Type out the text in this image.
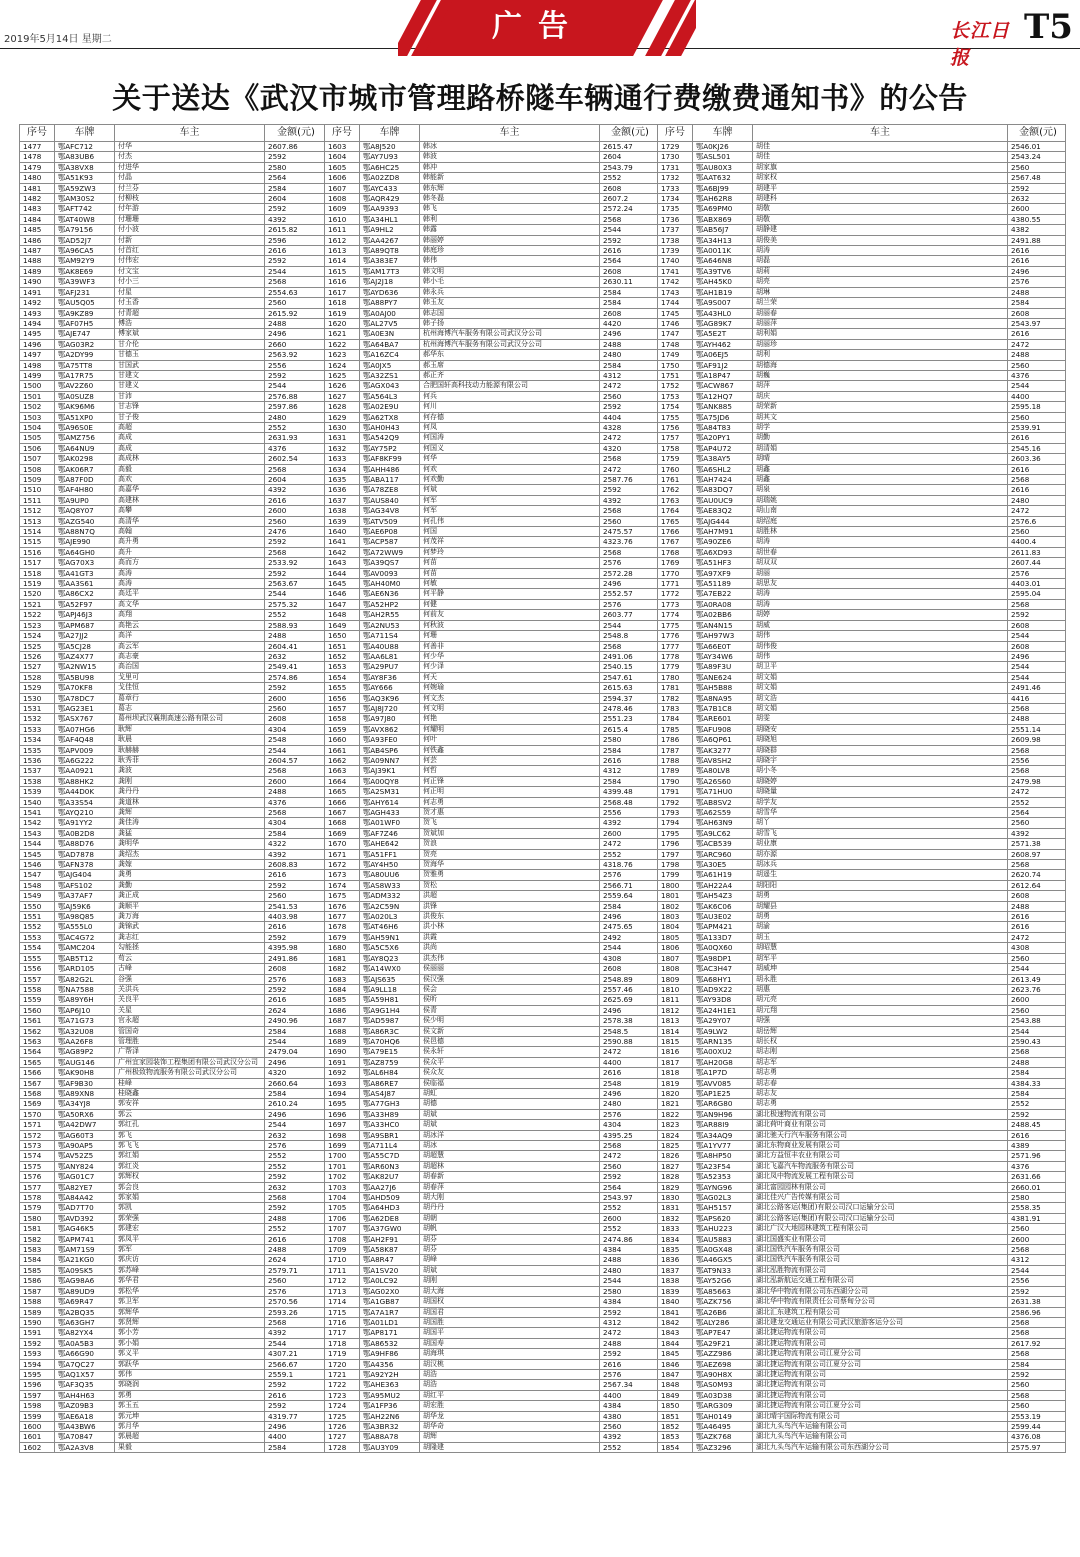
2019年5月14日 星期二	广告	长江日报
T5
关于送达《武汉市城市管理路桥隧车辆通行费缴费通知书》的公告
序号	车牌	车主	金额(元)	序号	车牌	车主	金额(元)	序号	车牌	车主	金额(元)
1477	鄂AFC712	付华	2607.86	1603	鄂A8J520	韩冰	2615.47	1729	鄂A0KJ26	胡佳	2546.01
1478	鄂A83UB6	付杰	2592	1604	鄂AY7U93	韩波	2604	1730	鄂ASL501	胡佳	2543.24
1479	鄂A38VX8	付进华	2580	1605	鄂A6HC25	韩冲	2543.79	1731	鄂AU80X3	胡家旗	2560
1480	鄂A51K93	付晶	2564	1606	鄂A02ZD8	韩能新	2552	1732	鄂AAT632	胡家权	2567.48
1481	鄂A59ZW3	付兰芬	2584	1607	鄂AYC433	韩东辉	2608	1733	鄂A6BJ99	胡建平	2592
1482	鄂AM30S2	付柳枝	2604	1608	鄂AQR429	韩冬磊	2607.2	1734	鄂AH62R8	胡建科	2632
1483	鄂AFT742	付年游	2592	1609	鄂AA9393	韩飞	2572.24	1735	鄂A69PM0	胡敬	2600
1484	鄂AT40W8	付珊珊	4392	1610	鄂A34HL1	韩利	2568	1736	鄂ABX869	胡敬	4380.55
1485	鄂A79156	付小波	2615.82	1611	鄂A9HL2	韩露	2544	1737	鄂AB56J7	胡静建	4382
1486	鄂AD52J7	付新	2596	1612	鄂AA4267	韩丽婷	2592	1738	鄂A34H13	胡俊美	2491.88
1487	鄂A96CA5	付首红	2616	1613	鄂A89QT8	韩庭珍	2616	1739	鄂A0011K	胡涛	2616
1488	鄂AM92Y9	付伟宏	2592	1614	鄂A383E7	韩伟	2564	1740	鄂A646N8	胡磊	2616
1489	鄂AK8E69	付文宝	2544	1615	鄂AM17T3	韩文明	2608	1741	鄂A39TV6	胡莉	2496
1490	鄂A39WF3	付小三	2568	1616	鄂AJ2J18	韩小毛	2630.11	1742	鄂AH45K0	胡亮	2576
1491	鄂AFJ231	付星	2554.63	1617	鄂AYD636	韩永兵	2584	1743	鄂AH1B19	胡琳	2488
1492	鄂AU5Q05	付玉香	2560	1618	鄂A88PY7	韩玉友	2584	1744	鄂A9S007	胡兰荣	2584
1493	鄂A9KZ89	付青超	2615.92	1619	鄂A0AJ00	韩志国	2608	1745	鄂A43HL0	胡丽春	2608
1494	鄂AF07H5	傅浩	2488	1620	鄂AL27V5	韩子扬	4420	1746	鄂AG89K7	胡丽萍	2543.97
1495	鄂AJE747	傅家斌	2496	1621	鄂A0E3N	杭州海博汽车服务有限公司武汉分公司	2496	1747	鄂A5E2T	胡利娟	2616
1496	鄂AG03R2	甘介伦	2660	1622	鄂A64BA7	杭州海博汽车服务有限公司武汉分公司	2488	1748	鄂AYH462	胡丽珍	2472
1497	鄂A2DY99	甘德玉	2563.92	1623	鄂A16ZC4	郝华东	2480	1749	鄂A06EJ5	胡利	2488
1498	鄂A75TT8	甘国武	2556	1624	鄂A0JX5	郝玉席	2584	1750	鄂AF91J2	胡德海	2560
1499	鄂A17R75	甘建文	2592	1625	鄂A32ZS1	郝正齐	4312	1751	鄂A18P47	胡巍	4376
1500	鄂AV2Z60	甘建义	2544	1626	鄂AGX043	合肥国轩高科技动力能源有限公司	2472	1752	鄂ACW867	胡萍	2544
1501	鄂A0SUZ8	甘沛	2576.88	1627	鄂A564L3	何兵	2560	1753	鄂A12HQ7	胡庆	4400
1502	鄂AK96M6	甘志锋	2597.86	1628	鄂A02E9U	何川	2592	1754	鄂ANK885	胡荣新	2595.18
1503	鄂A51XP0	甘子俊	2480	1629	鄂A62TX8	何存德	4404	1755	鄂A75JD6	胡其文	2560
1504	鄂A96S0E	高超	2552	1630	鄂AH0H43	何凤	4328	1756	鄂A84T83	胡学	2539.91
1505	鄂AMZ756	高成	2631.93	1631	鄂A542Q9	何国涛	2472	1757	鄂A20PY1	胡勤	2616
1506	鄂A64NU9	高成	4376	1632	鄂AY75P2	何国义	4320	1758	鄂AP4U72	胡清娟	2545.16
1507	鄂AK0298	高成林	2602.54	1633	鄂AF8KF99	何华	2568	1759	鄂A38AY5	胡晴	2603.36
1508	鄂AK06R7	高毅	2568	1634	鄂AHH486	何欢	2472	1760	鄂A6SHL2	胡鑫	2616
1509	鄂A87F0D	高欢	2604	1635	鄂ABA117	何欢勤	2587.76	1761	鄂AH7424	胡鑫	2568
1510	鄂AF4H80	高嘉华	4392	1636	鄂A78ZE8	何斌	2592	1762	鄂A83DQ7	胡泉	2616
1511	鄂A9UP0	高建林	2616	1637	鄂AUS840	何军	4392	1763	鄂AU0UC9	胡瑞姚	2480
1512	鄂AQ8Y07	高攀	2600	1638	鄂AG34V8	何军	2568	1764	鄂AE83Q2	胡山南	2472
1513	鄂AZG540	高清华	2560	1639	鄂ATV509	何孔伟	2560	1765	鄂AJG444	胡绍庭	2576.6
1514	鄂A88N7Q	高翰	2476	1640	鄂AE6P08	何国	2475.57	1766	鄂AH7M91	胡胜林	2560
1515	鄂AJE990	高升勇	2592	1641	鄂ACP587	何茂祥	4323.76	1767	鄂A90ZE6	胡涛	4400.4
1516	鄂A64GH0	高升	2568	1642	鄂A72WW9	何梦玲	2568	1768	鄂A6XD93	胡世春	2611.83
1517	鄂AG70X3	高而方	2533.92	1643	鄂A39QS7	何苗	2576	1769	鄂A51HF3	胡双双	2607.44
1518	鄂A41GT3	高涛	2592	1644	鄂AV0093	何苗	2572.28	1770	鄂A97XF9	胡丽	2576
1519	鄂AA3S61	高涛	2563.67	1645	鄂AH40M0	何敏	2496	1771	鄂A51189	胡思友	4403.01
1520	鄂A86CX2	高廷平	2544	1646	鄂AE6N36	何平静	2552.57	1772	鄂A7EB22	胡涛	2595.04
1521	鄂A52F97	高文华	2575.32	1647	鄂A52HP2	何健	2576	1773	鄂A0RA08	胡涛	2568
1522	鄂APJ46J3	高翔	2552	1648	鄂AH2R55	何前友	2603.77	1774	鄂A02BB6	胡婷	2592
1523	鄂APM687	高艳云	2588.93	1649	鄂A2NU53	何秋波	2544	1775	鄂AN4N15	胡威	2608
1524	鄂A27JJ2	高洋	2488	1650	鄂A711S4	何珊	2548.8	1776	鄂AH97W3	胡伟	2544
1525	鄂A5CJ28	高云军	2604.41	1651	鄂A40U88	何善非	2568	1777	鄂A66E0T	胡伟俊	2608
1526	鄂AZ4X77	高志豪	2632	1652	鄂AA6L81	何少华	2491.06	1778	鄂AY34W6	胡伟	2496
1527	鄂A2NW15	高治国	2549.41	1653	鄂A29PU7	何少泽	2540.15	1779	鄂A89F3U	胡卫平	2544
1528	鄂A5BU98	戈里可	2574.86	1654	鄂AY8F36	何天	2547.61	1780	鄂ANE624	胡文娟	2544
1529	鄂A70KF8	戈佳恒	2592	1655	鄂AY666	何婉瑜	2615.63	1781	鄂AH5B88	胡文娟	2491.46
1530	鄂A78DC7	葛章行	2600	1656	鄂AQ3K96	何文杰	2594.37	1782	鄂A8NA95	胡文浩	4416
1531	鄂AG23E1	葛志	2560	1657	鄂AJ8J720	何文明	2478.46	1783	鄂A7B1C8	胡文娟	2568
1532	鄂ASX767	葛州坝武汉襄荆高速公路有限公司	2608	1658	鄂A97J80	何艳	2551.23	1784	鄂ARE601	胡雯	2488
1533	鄂A07HG6	耿辉	4304	1659	鄂AVX862	何耀明	2615.4	1785	鄂AFU908	胡晓安	2551.14
1534	鄂AF4Q48	耿晨	2548	1660	鄂A93FE0	何叶	2580	1786	鄂A6QP61	胡晓旭	2609.98
1535	鄂APV009	耿赫赫	2544	1661	鄂AB4SP6	何铁鑫	2584	1787	鄂AK3277	胡晓群	2568
1536	鄂A6G222	耿秀菲	2604.57	1662	鄂A09NN7	何芸	2616	1788	鄂AV8SH2	胡晓宇	2556
1537	鄂AA0921	龚波	2568	1663	鄂AJ39K1	何哲	4312	1789	鄂A80LV8	胡小冬	2568
1538	鄂A88HK2	龚刚	2600	1664	鄂A00QY8	何正锋	2584	1790	鄂A26S60	胡晓婷	2479.98
1539	鄂A44D0K	龚丹丹	2488	1665	鄂A2SM31	何正明	4399.48	1791	鄂A71HU0	胡晓量	2472
1540	鄂A33S54	龚道林	4376	1666	鄂AHY614	何志勇	2568.48	1792	鄂AB8SV2	胡学友	2552
1541	鄂AYQ210	龚辉	2568	1667	鄂AGH433	贺才惠	2556	1793	鄂A62S59	胡雪华	2564
1542	鄂A91YY2	龚佳涛	4304	1668	鄂A01WF0	贺飞	4392	1794	鄂AH63N9	胡丫	2560
1543	鄂A0B2D8	龚猛	2584	1669	鄂AF7Z46	贺斌加	2600	1795	鄂A9LC62	胡雪飞	4392
1544	鄂A88D76	龚明华	4322	1670	鄂AHE642	贺浪	2472	1796	鄂ACB539	胡业康	2571.38
1545	鄂AD7878	龚绍杰	4392	1671	鄂A51FF1	贺亮	2552	1797	鄂ARC960	胡亦源	2608.97
1546	鄂AFN378	龚嫁	2608.83	1672	鄂AY4H50	贺海华	4318.76	1798	鄂A30E5	胡冰兵	2568
1547	鄂AJG404	龚勇	2616	1673	鄂A80UU6	贺雅勇	2576	1799	鄂A61H19	胡遥生	2620.74
1548	鄂AFS102	龚勤	2592	1674	鄂AS8W33	贺松	2566.71	1800	鄂AH22A4	胡阳阳	2612.64
1549	鄂A37AF7	龚正成	2560	1675	鄂ADM332	洪超	2559.64	1801	鄂AH54Z3	胡勇	2608
1550	鄂AJ59K6	龚顺平	2541.53	1676	鄂A2C59N	洪锋	2584	1802	鄂AK6C06	胡耀县	2488
1551	鄂A98Q85	龚万海	4403.98	1677	鄂A020L3	洪俊东	2496	1803	鄂AU3E02	胡勇	2616
1552	鄂A555L0	龚锦武	2616	1678	鄂AT46H6	洪小林	2475.65	1804	鄂APM421	胡渝	2616
1553	鄂AC4G72	龚志红	2592	1679	鄂AH59N1	洪霞	2492	1805	鄂A133D7	胡玉	2472
1554	鄂AMC204	勾能拯	4395.98	1680	鄂A5C5X6	洪尚	2544	1806	鄂A0QX60	胡昭慧	4308
1555	鄂AB5T12	苟云	2491.86	1681	鄂AY8Q23	洪杰伟	4308	1807	鄂A98DP1	胡军平	2560
1556	鄂ARD105	古峰	2608	1682	鄂A14WX0	侯丽丽	2608	1808	鄂AC3H47	胡威坤	2544
1557	鄂A82G2L	谷强	2576	1683	鄂AJS635	侯汉强	2548.89	1809	鄂A68HY1	胡永胜	2613.49
1558	鄂NA7588	关洪兵	2592	1684	鄂A9LL18	侯会	2557.46	1810	鄂AD9X22	胡惠	2623.76
1559	鄂A89Y6H	关良平	2616	1685	鄂A59H81	侯昕	2625.69	1811	鄂AY93D8	胡元亮	2600
1560	鄂AP6J10	关星	2624	1686	鄂A9G1H4	侯青	2496	1812	鄂A24H1E1	胡元翔	2560
1561	鄂A71G73	官永超	2490.96	1687	鄂AD5987	侯少明	2578.38	1813	鄂A29Y07	胡强	2543.88
1562	鄂A32U08	管国奇	2584	1688	鄂A86R3C	侯文新	2548.5	1814	鄂A9LW2	胡岳辉	2544
1563	鄂AA26F8	管理胜	2544	1689	鄂A70HQ6	侯邑德	2590.88	1815	鄂ARN135	胡长权	2590.43
1564	鄂AG89P2	广帮泽	2479.04	1690	鄂A79E15	侯永轩	2472	1816	鄂A00XU2	胡志刚	2568
1565	鄂AUG146	广州宜家园装饰工程集团有限公司武汉分公司	2496	1691	鄂AZ8759	侯众平	4400	1817	鄂AH20G8	胡志军	2488
1566	鄂AK90H8	广州极致物流服务有限公司武汉分公司	4320	1692	鄂AL6H84	侯众友	2616	1818	鄂A1P7D	胡志勇	2584
1567	鄂AF9B30	桂峰	2660.64	1693	鄂A86RE7	侯临福	2548	1819	鄂AVV085	胡志春	4384.33
1568	鄂A89XN8	桂晓鑫	2584	1694	鄂AS4J87	胡虹	2496	1820	鄂AP1E25	胡志友	2584
1569	鄂A34YJ8	郭安祥	2610.24	1695	鄂A77GH3	胡德	2480	1821	鄂AR6G80	胡志勇	2552
1570	鄂A50RX6	郭云	2496	1696	鄂A33H89	胡斌	2576	1822	鄂AN9H96	湖北极速物流有限公司	2592
1571	鄂A42DW7	郭红孔	2544	1697	鄂A33HC0	胡斌	4304	1823	鄂AR88I9	湖北荷叶商业有限公司	2488.45
1572	鄂AG60T3	郭飞	2632	1698	鄂A9SBR1	胡冰洋	4395.25	1824	鄂A34AQ9	湖北驰天行汽车服务有限公司	2616
1573	鄂A90AP5	郭飞飞	2576	1699	鄂A711L4	胡冰	2568	1825	鄂A1YV77	湖北东物商业发展有限公司	4389
1574	鄂AV52Z5	郭红娟	2552	1700	鄂A55C7D	胡超慧	2472	1826	鄂A8HP50	湖北方益恒丰农业有限公司	2571.96
1575	鄂ANY824	郭红炎	2552	1701	鄂AR60N3	胡超林	2560	1827	鄂A23F54	湖北飞嘉汽车物流服务有限公司	4376
1576	鄂AG01C7	郭辉权	2592	1702	鄂AK82U7	胡春新	2592	1828	鄂A52353	湖北凤中物流发展工程有限公司	2631.66
1577	鄂A82YE7	郭会良	2632	1703	鄂AA27J6	胡春萍	2564	1829	鄂AYNG96	湖北富园园林有限公司	2660.01
1578	鄂A84A42	郭家娟	2568	1704	鄂AHD509	胡大刚	2543.97	1830	鄂AG02L3	湖北佳兴广告传媒有限公司	2580
1579	鄂AD7T70	郭凯	2592	1705	鄂A64HD3	胡丹丹	2552	1831	鄂AH5157	湖北公路客运(集团)有限公司汉口运输分公司	2558.35
1580	鄂AVD392	郭荣强	2488	1706	鄂A62DE8	胡朝	2600	1832	鄂APS620	湖北公路客运(集团)有限公司汉口运输分公司	4381.91
1581	鄂AG46K5	郭建宏	2552	1707	鄂A37GW0	胡帆	2552	1833	鄂AHU223	湖北广汉大地园林建筑工程有限公司	2560
1582	鄂APM741	郭凤平	2616	1708	鄂AH2F91	胡芬	2474.86	1834	鄂AU5883	湖北国盛实业有限公司	2600
1583	鄂AM71S9	郭军	2488	1709	鄂A58K87	胡芬	4384	1835	鄂A0GX48	湖北国铁汽车服务有限公司	2568
1584	鄂A21KG0	郭庆访	2624	1710	鄂A8R47	胡峰	2488	1836	鄂A46GX5	湖北国铁汽车服务有限公司	4312
1585	鄂A09SK5	郭苏峰	2579.71	1711	鄂A1SV20	胡斌	2480	1837	鄂AT9N33	湖北泓胜物流有限公司	2544
1586	鄂AG98A6	郭华君	2560	1712	鄂A0LC92	胡刚	2544	1838	鄂AY52G6	湖北泓新航运交通工程有限公司	2556
1587	鄂A89UD9	郭松华	2576	1713	鄂AG02X0	胡大海	2580	1839	鄂A85663	湖北华中物流有限公司东西湖分公司	2592
1588	鄂A69R47	郭卫军	2570.56	1714	鄂A1GB87	胡国权	4384	1840	鄂AZK756	湖北华中物流有限责任公司蔡甸分公司	2631.38
1589	鄂A2BQ35	郭辉华	2593.26	1715	鄂A7A1R7	胡国君	2592	1841	鄂A26B6	湖北汇东建筑工程有限公司	2586.96
1590	鄂A63GH7	郭贤辉	2568	1716	鄂A01LD1	胡国胜	4312	1842	鄂ALY286	湖北建龙交通运业有限公司武汉旅游客运分公司	2568
1591	鄂A82YX4	郭小芳	4392	1717	鄂AP8171	胡国平	2472	1843	鄂AP7E47	湖北捷运物流有限公司	2568
1592	鄂A0A5B3	郭小娟	2544	1718	鄂A86532	胡国寿	2488	1844	鄂A29F21	湖北捷运物流有限公司	2617.92
1593	鄂A66G90	郭义平	4307.21	1719	鄂A9HF86	胡海琪	2592	1845	鄂AZZ986	湖北捷运物流有限公司江夏分公司	2568
1594	鄂A7QC27	郭跃华	2566.67	1720	鄂A4356	胡汉桃	2616	1846	鄂AEZ698	湖北捷运物流有限公司江夏分公司	2584
1595	鄂AQ1X57	郭伟	2559.1	1721	鄂A92Y2H	胡浩	2576	1847	鄂A90H8X	湖北捷运物流有限公司	2592
1596	鄂AF3Q35	郭晓润	2592	1722	鄂AHE363	胡浩	2567.34	1848	鄂AS0M93	湖北捷运物流有限公司	2560
1597	鄂AH4H63	郭勇	2616	1723	鄂A95MU2	胡红平	4400	1849	鄂A03D38	湖北捷运物流有限公司	2568
1598	鄂AZ09B3	郭玉五	2592	1724	鄂A1FP36	胡宏胜	4384	1850	鄂ARG309	湖北捷运物流有限公司江夏分公司	2560
1599	鄂AE6A18	郭元坤	4319.77	1725	鄂AH22N6	胡华龙	4380	1851	鄂AH0149	湖北晴宇国际物流有限公司	2553.19
1600	鄂A43BW6	郭月华	2496	1726	鄂A3BR32	胡华奇	2560	1852	鄂A46495	湖北九头鸟汽车运输有限公司	2599.44
1601	鄂A70847	郭晨超	4400	1727	鄂A88A78	胡辉	4392	1853	鄂AZK768	湖北九头鸟汽车运输有限公司	4376.08
1602	鄂A2A3V8	果毅	2584	1728	鄂AU3Y09	胡隆建	2552	1854	鄂AZ3296	湖北九头鸟汽车运输有限公司东西湖分公司	2575.97
